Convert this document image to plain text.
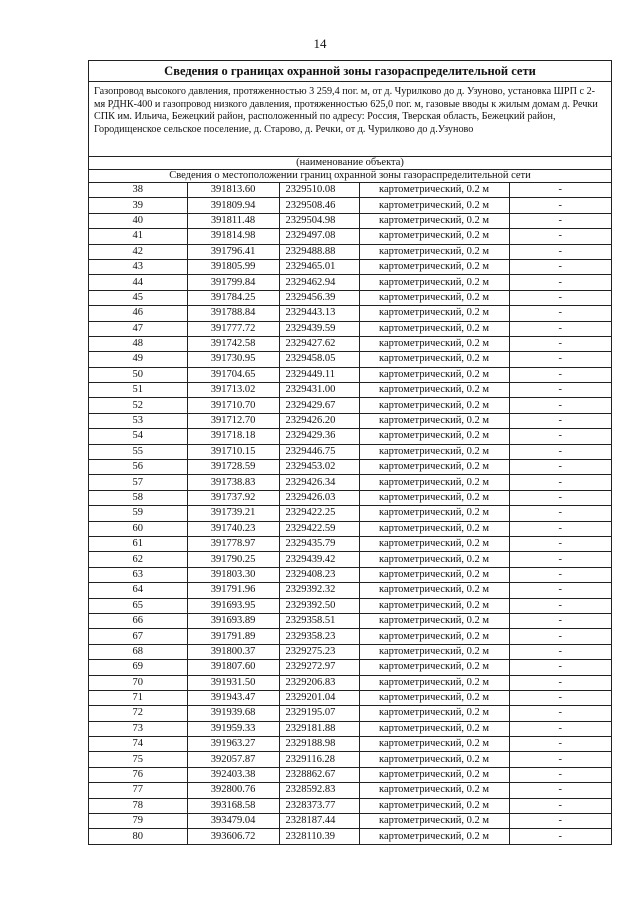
14
Сведения о границах охранной зоны газораспределительной сети
Газопровод высокого давления, протяженностью 3 259,4 пог. м, от д. Чурилково до д. Узуново, установка ШРП с 2-мя РДНК-400 и газопровод низкого давления, протяженностью 625,0 пог. м, газовые вводы к жилым домам д. Речки СПК им. Ильича, Бежецкий район, расположенный по адресу: Россия, Тверская область, Бежецкий район, Городищенское сельское поселение, д. Старово, д. Речки, от д. Чурилково до д.Узуново
(наименование объекта)
Сведения о местоположении границ охранной зоны газораспределительной сети
38	391813.60	2329510.08	картометрический, 0.2 м	-
39	391809.94	2329508.46	картометрический, 0.2 м	-
40	391811.48	2329504.98	картометрический, 0.2 м	-
41	391814.98	2329497.08	картометрический, 0.2 м	-
42	391796.41	2329488.88	картометрический, 0.2 м	-
43	391805.99	2329465.01	картометрический, 0.2 м	-
44	391799.84	2329462.94	картометрический, 0.2 м	-
45	391784.25	2329456.39	картометрический, 0.2 м	-
46	391788.84	2329443.13	картометрический, 0.2 м	-
47	391777.72	2329439.59	картометрический, 0.2 м	-
48	391742.58	2329427.62	картометрический, 0.2 м	-
49	391730.95	2329458.05	картометрический, 0.2 м	-
50	391704.65	2329449.11	картометрический, 0.2 м	-
51	391713.02	2329431.00	картометрический, 0.2 м	-
52	391710.70	2329429.67	картометрический, 0.2 м	-
53	391712.70	2329426.20	картометрический, 0.2 м	-
54	391718.18	2329429.36	картометрический, 0.2 м	-
55	391710.15	2329446.75	картометрический, 0.2 м	-
56	391728.59	2329453.02	картометрический, 0.2 м	-
57	391738.83	2329426.34	картометрический, 0.2 м	-
58	391737.92	2329426.03	картометрический, 0.2 м	-
59	391739.21	2329422.25	картометрический, 0.2 м	-
60	391740.23	2329422.59	картометрический, 0.2 м	-
61	391778.97	2329435.79	картометрический, 0.2 м	-
62	391790.25	2329439.42	картометрический, 0.2 м	-
63	391803.30	2329408.23	картометрический, 0.2 м	-
64	391791.96	2329392.32	картометрический, 0.2 м	-
65	391693.95	2329392.50	картометрический, 0.2 м	-
66	391693.89	2329358.51	картометрический, 0.2 м	-
67	391791.89	2329358.23	картометрический, 0.2 м	-
68	391800.37	2329275.23	картометрический, 0.2 м	-
69	391807.60	2329272.97	картометрический, 0.2 м	-
70	391931.50	2329206.83	картометрический, 0.2 м	-
71	391943.47	2329201.04	картометрический, 0.2 м	-
72	391939.68	2329195.07	картометрический, 0.2 м	-
73	391959.33	2329181.88	картометрический, 0.2 м	-
74	391963.27	2329188.98	картометрический, 0.2 м	-
75	392057.87	2329116.28	картометрический, 0.2 м	-
76	392403.38	2328862.67	картометрический, 0.2 м	-
77	392800.76	2328592.83	картометрический, 0.2 м	-
78	393168.58	2328373.77	картометрический, 0.2 м	-
79	393479.04	2328187.44	картометрический, 0.2 м	-
80	393606.72	2328110.39	картометрический, 0.2 м	-
